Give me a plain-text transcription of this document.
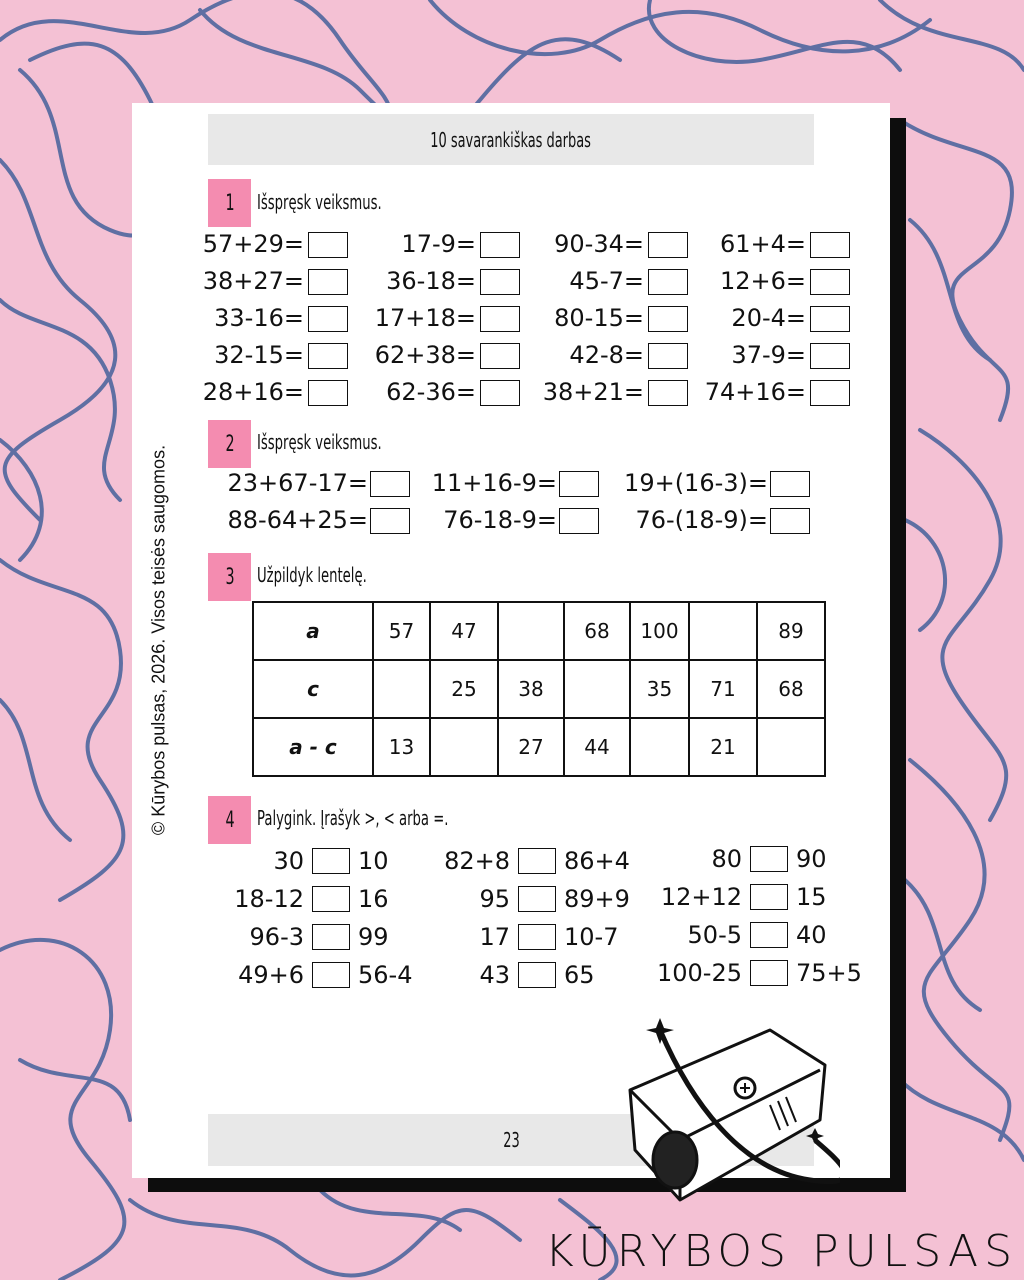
10 savarankiškas darbas
1 Išspręsk veiksmus.
57+29=	17-9=	90-34=	61+4=
38+27=	36-18=	45-7=	12+6=
33-16=	17+18=	80-15=	20-4=
32-15=	62+38=	42-8=	37-9=
28+16=	62-36=	38+21=	74+16=
2 Išspręsk veiksmus.
23+67-17=	11+16-9=	19+(16-3)=
88-64+25=	76-18-9=	76-(18-9)=
3 Užpildyk lentelę.
a	57	47		68	100		89
c		25	38		35	71	68
a - c	13		27	44		21	
4 Palygink. Įrašyk >, < arba =.
30 10
18-12 16
96-3 99
49+6 56-4
82+8 86+4
95 89+9
17 10-7
43 65
80 90
12+12 15
50-5 40
100-25 75+5
23
© Kūrybos pulsas, 2026. Visos teisės saugomos.
KŪRYBOS PULSAS
